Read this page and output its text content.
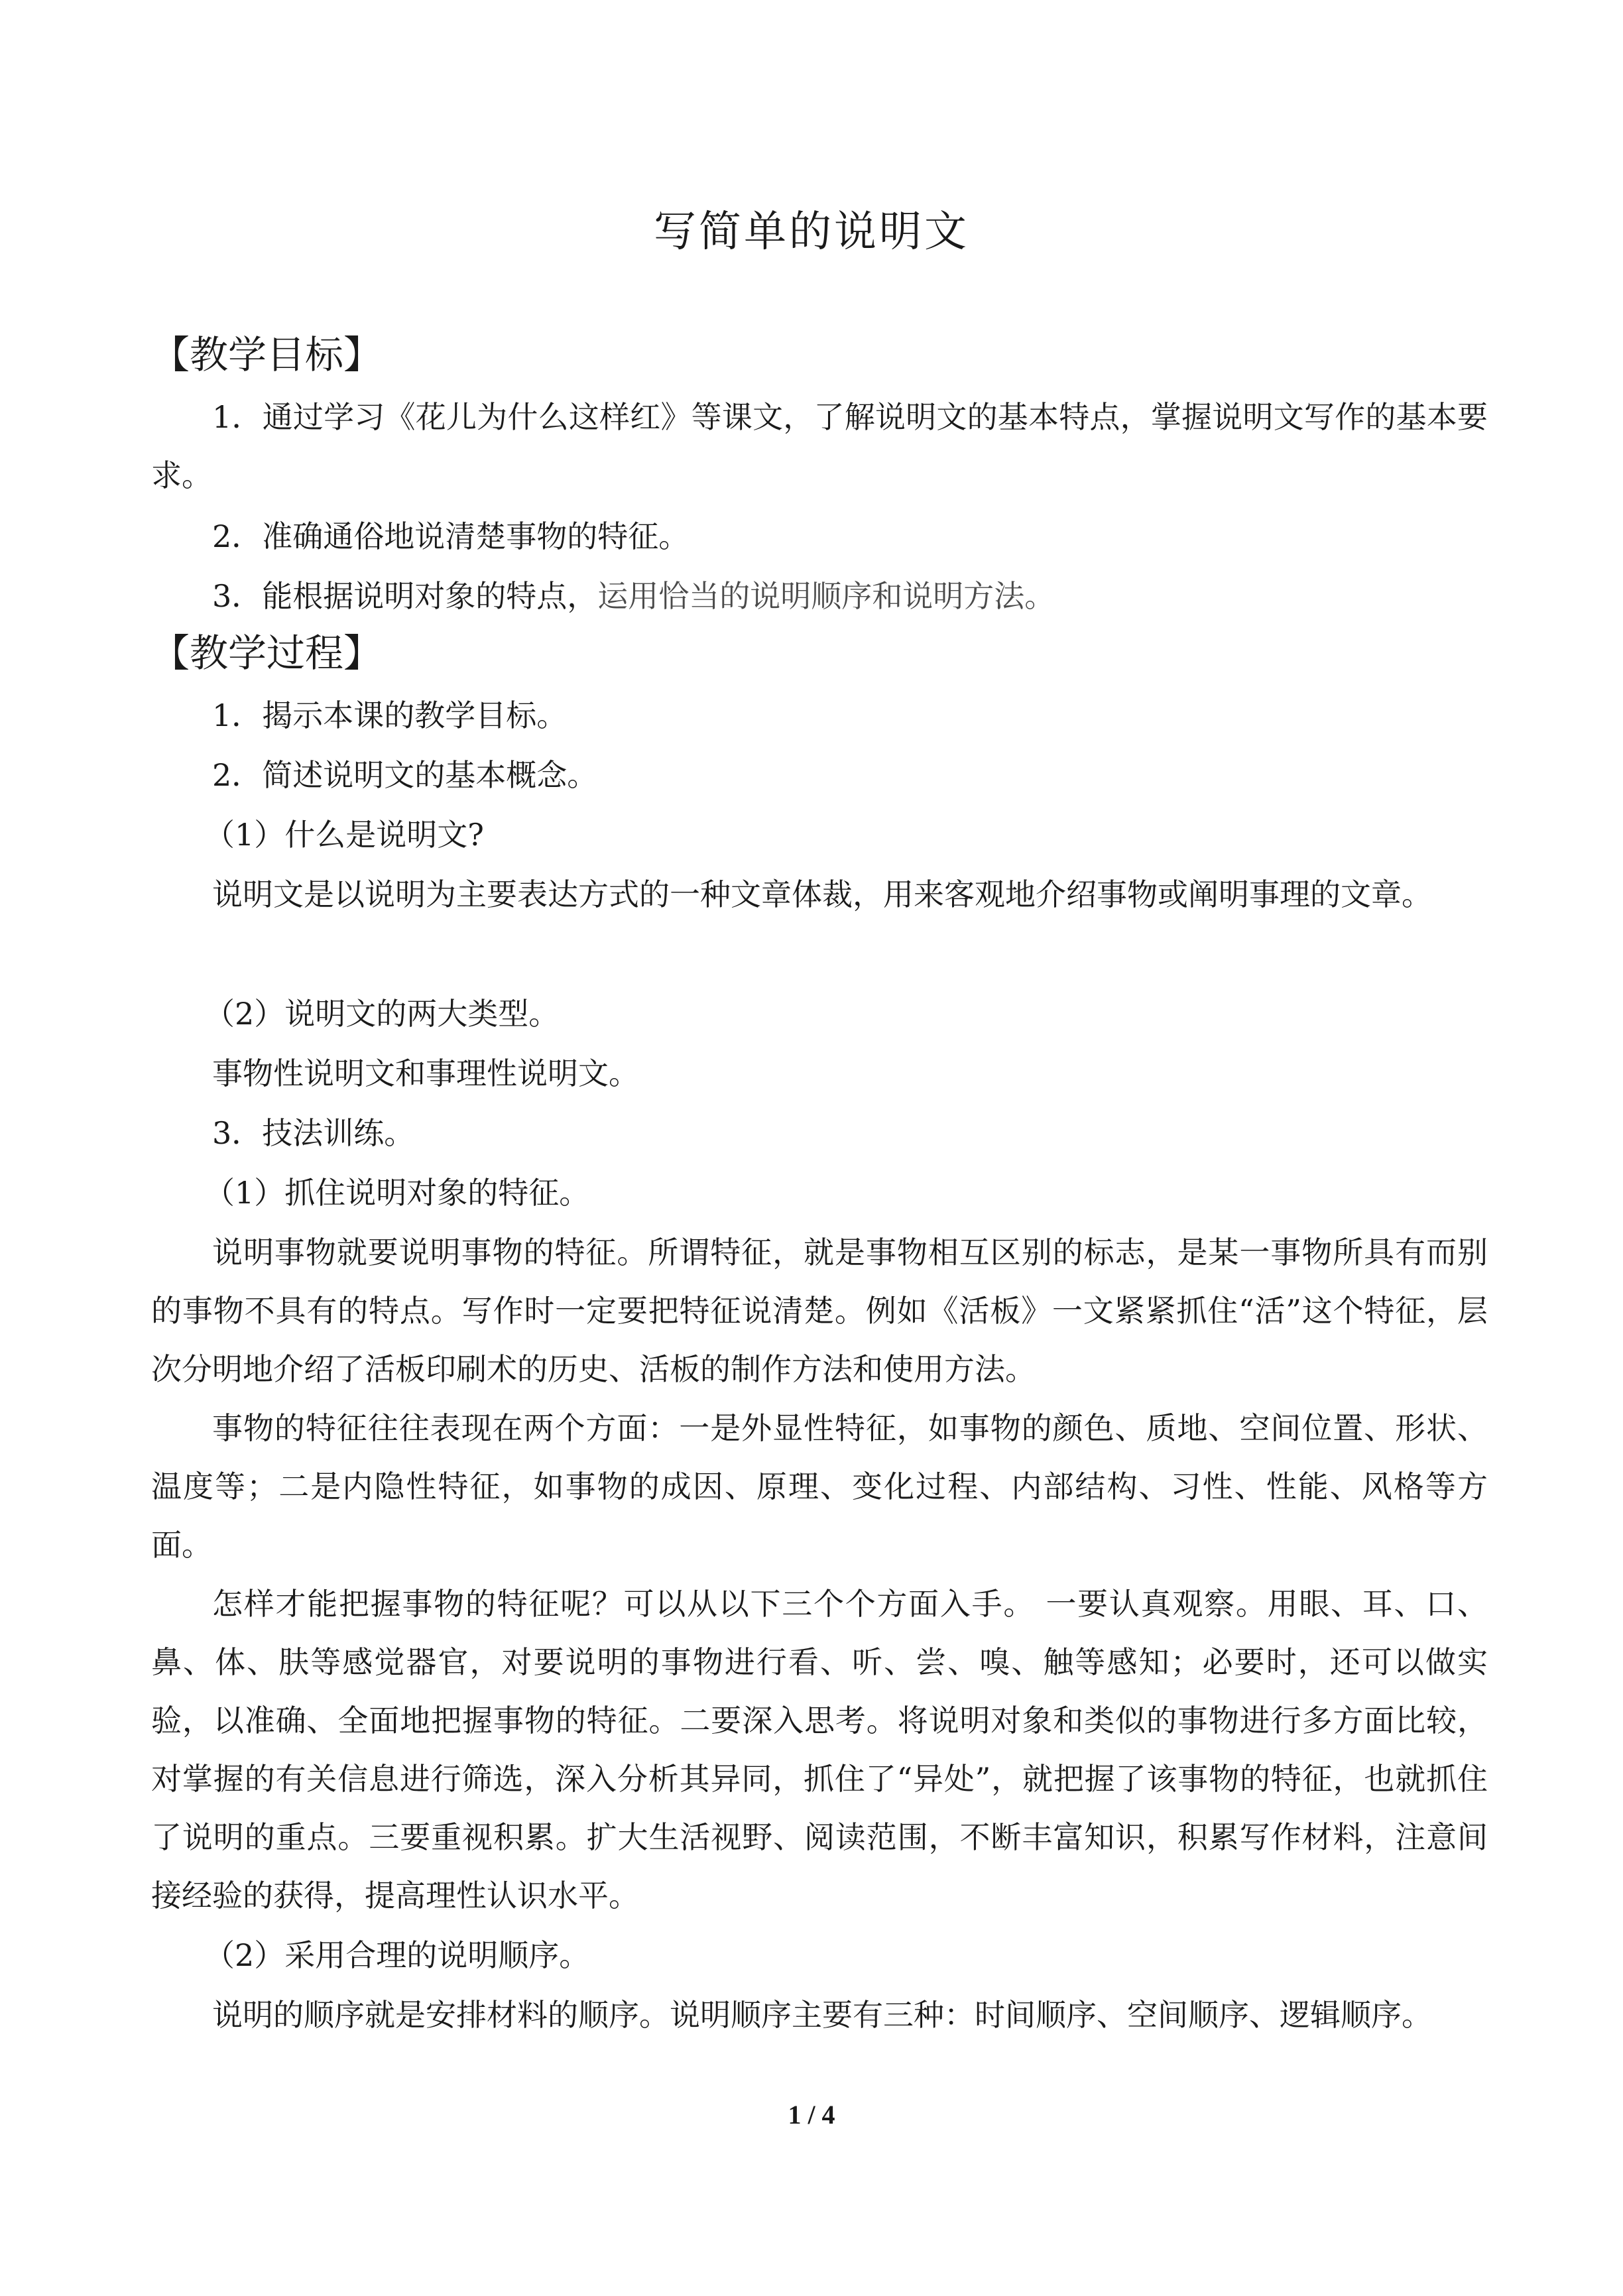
写简单的说明文
【教学目标】
1．通过学习《花儿为什么这样红》等课文，了解说明文的基本特点，掌握说明文写作的基本要求。
2．准确通俗地说清楚事物的特征。
3．能根据说明对象的特点，运用恰当的说明顺序和说明方法。
【教学过程】
1．揭示本课的教学目标。
2．简述说明文的基本概念。
（1）什么是说明文?
说明文是以说明为主要表达方式的一种文章体裁，用来客观地介绍事物或阐明事理的文章。
（2）说明文的两大类型。
事物性说明文和事理性说明文。
3．技法训练。
（1）抓住说明对象的特征。
说明事物就要说明事物的特征。所谓特征，就是事物相互区别的标志，是某一事物所具有而别的事物不具有的特点。写作时一定要把特征说清楚。例如《活板》一文紧紧抓住“活”这个特征，层次分明地介绍了活板印刷术的历史、活板的制作方法和使用方法。
事物的特征往往表现在两个方面：一是外显性特征，如事物的颜色、质地、空间位置、形状、温度等；二是内隐性特征，如事物的成因、原理、变化过程、内部结构、习性、性能、风格等方面。
怎样才能把握事物的特征呢？可以从以下三个个方面入手。 一要认真观察。用眼、耳、口、鼻、体、肤等感觉器官，对要说明的事物进行看、听、尝、嗅、触等感知；必要时，还可以做实验，以准确、全面地把握事物的特征。二要深入思考。将说明对象和类似的事物进行多方面比较，对掌握的有关信息进行筛选，深入分析其异同，抓住了“异处”，就把握了该事物的特征，也就抓住了说明的重点。三要重视积累。扩大生活视野、阅读范围，不断丰富知识，积累写作材料，注意间接经验的获得，提高理性认识水平。
（2）采用合理的说明顺序。
说明的顺序就是安排材料的顺序。说明顺序主要有三种：时间顺序、空间顺序、逻辑顺序。
1 / 4
